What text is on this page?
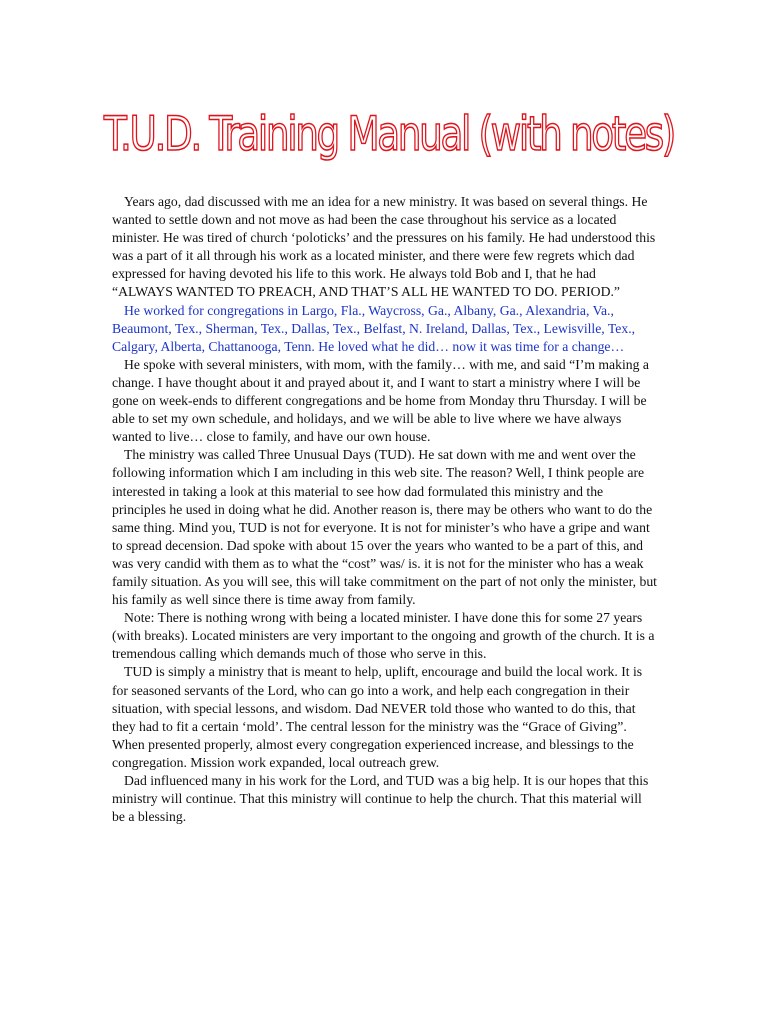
T.U.D. Training Manual (with notes)

Years ago, dad discussed with me an idea for a new ministry. It was based on several things. He wanted to settle down and not move as had been the case throughout his service as a located minister. He was tired of church ‘poloticks’ and the pressures on his family. He had understood this was a part of it all through his work as a located minister, and there were few regrets which dad expressed for having devoted his life to this work. He always told Bob and I, that he had “ALWAYS WANTED TO PREACH, AND THAT’S ALL HE WANTED TO DO. PERIOD.”

He worked for congregations in Largo, Fla., Waycross, Ga., Albany, Ga., Alexandria, Va., Beaumont, Tex., Sherman, Tex., Dallas, Tex., Belfast, N. Ireland, Dallas, Tex., Lewisville, Tex., Calgary, Alberta, Chattanooga, Tenn. He loved what he did… now it was time for a change…

He spoke with several ministers, with mom, with the family… with me, and said “I’m making a change. I have thought about it and prayed about it, and I want to start a ministry where I will be gone on week-ends to different congregations and be home from Monday thru Thursday. I will be able to set my own schedule, and holidays, and we will be able to live where we have always wanted to live… close to family, and have our own house.

The ministry was called Three Unusual Days (TUD). He sat down with me and went over the following information which I am including in this web site. The reason? Well, I think people are interested in taking a look at this material to see how dad formulated this ministry and the principles he used in doing what he did. Another reason is, there may be others who want to do the same thing. Mind you, TUD is not for everyone. It is not for minister’s who have a gripe and want to spread decension. Dad spoke with about 15 over the years who wanted to be a part of this, and was very candid with them as to what the “cost” was/ is. it is not for the minister who has a weak family situation. As you will see, this will take commitment on the part of not only the minister, but his family as well since there is time away from family.

Note: There is nothing wrong with being a located minister. I have done this for some 27 years (with breaks). Located ministers are very important to the ongoing and growth of the church. It is a tremendous calling which demands much of those who serve in this.

TUD is simply a ministry that is meant to help, uplift, encourage and build the local work. It is for seasoned servants of the Lord, who can go into a work, and help each congregation in their situation, with special lessons, and wisdom. Dad NEVER told those who wanted to do this, that they had to fit a certain ‘mold’. The central lesson for the ministry was the “Grace of Giving”. When presented properly, almost every congregation experienced increase, and blessings to the congregation. Mission work expanded, local outreach grew.

Dad influenced many in his work for the Lord, and TUD was a big help. It is our hopes that this ministry will continue. That this ministry will continue to help the church. That this material will be a blessing.
